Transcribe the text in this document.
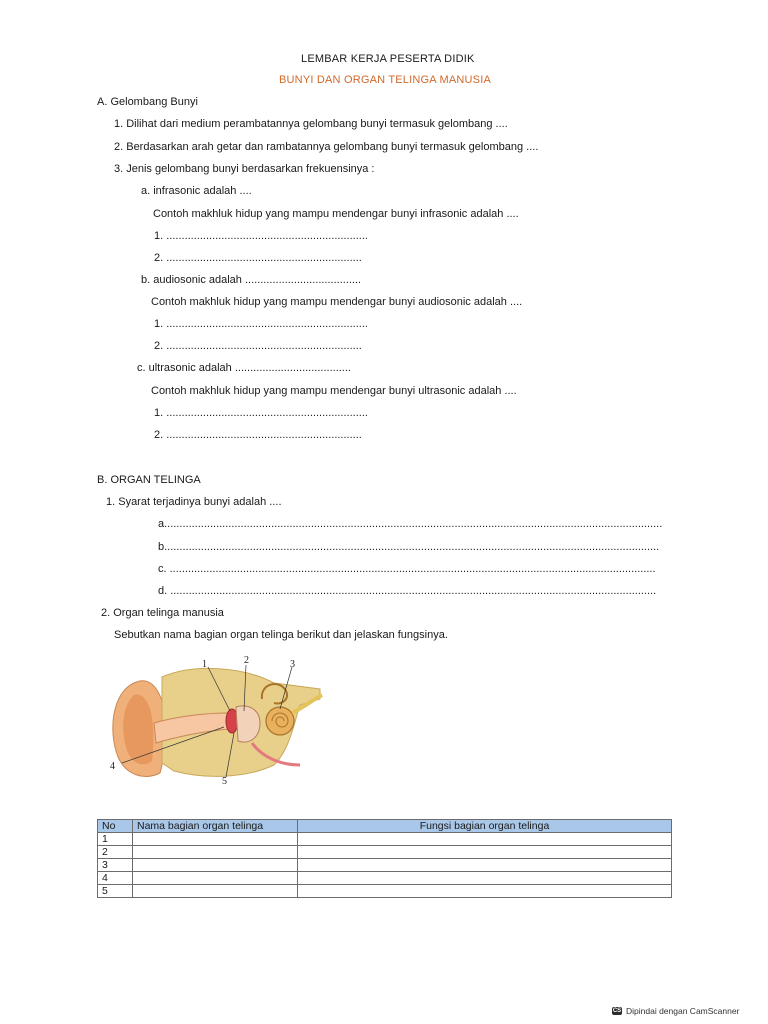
LEMBAR KERJA PESERTA DIDIK
BUNYI DAN ORGAN TELINGA MANUSIA
A. Gelombang Bunyi
1. Dilihat dari medium perambatannya gelombang bunyi termasuk gelombang ....
2. Berdasarkan arah getar dan rambatannya gelombang bunyi termasuk gelombang ....
3. Jenis gelombang bunyi berdasarkan frekuensinya :
a. infrasonic adalah ....
Contoh makhluk hidup yang mampu mendengar bunyi infrasonic adalah ....
1. ..................................................................
2. ................................................................
b. audiosonic adalah ......................................
Contoh makhluk hidup yang mampu mendengar bunyi audiosonic adalah ....
1. ..................................................................
2. ................................................................
c. ultrasonic adalah ......................................
Contoh makhluk hidup yang mampu mendengar bunyi ultrasonic adalah ....
1. ..................................................................
2. ................................................................
B. ORGAN TELINGA
1. Syarat terjadinya bunyi adalah ....
a...................................................................................................................................................................
b..................................................................................................................................................................
c. ...............................................................................................................................................................
d. ...............................................................................................................................................................
2. Organ telinga manusia
Sebutkan nama bagian organ telinga berikut dan jelaskan fungsinya.
1	2	3
4
5
No	Nama bagian organ telinga	Fungsi bagian organ telinga
1		
2		
3		
4		
5		
CS Dipindai dengan CamScanner
